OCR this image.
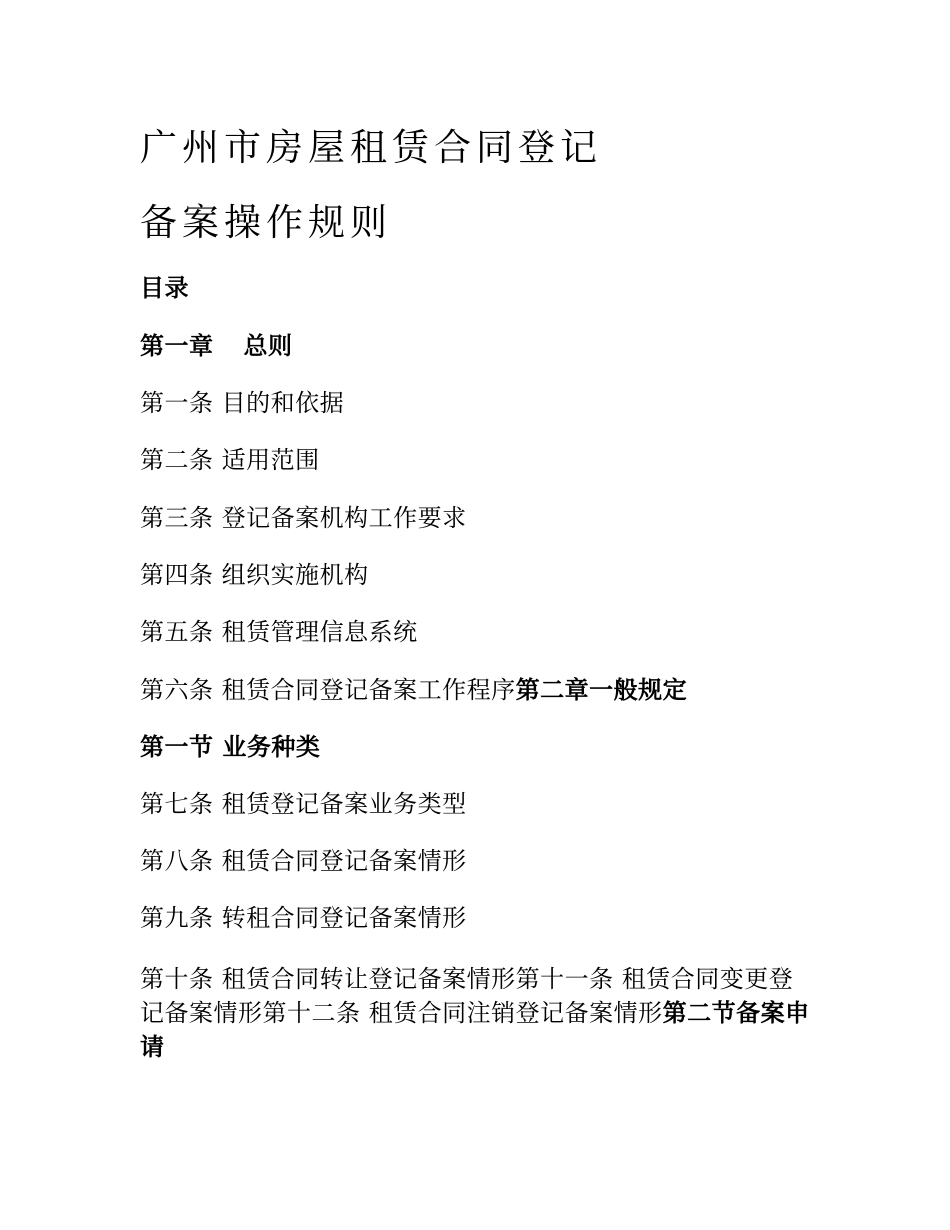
广州市房屋租赁合同登记
备案操作规则
目录
第一章 总则
第一条 目的和依据
第二条 适用范围
第三条 登记备案机构工作要求
第四条 组织实施机构
第五条 租赁管理信息系统
第六条 租赁合同登记备案工作程序第二章一般规定
第一节 业务种类
第七条 租赁登记备案业务类型
第八条 租赁合同登记备案情形
第九条 转租合同登记备案情形
第十条 租赁合同转让登记备案情形第十一条 租赁合同变更登记备案情形第十二条 租赁合同注销登记备案情形第二节备案申请
